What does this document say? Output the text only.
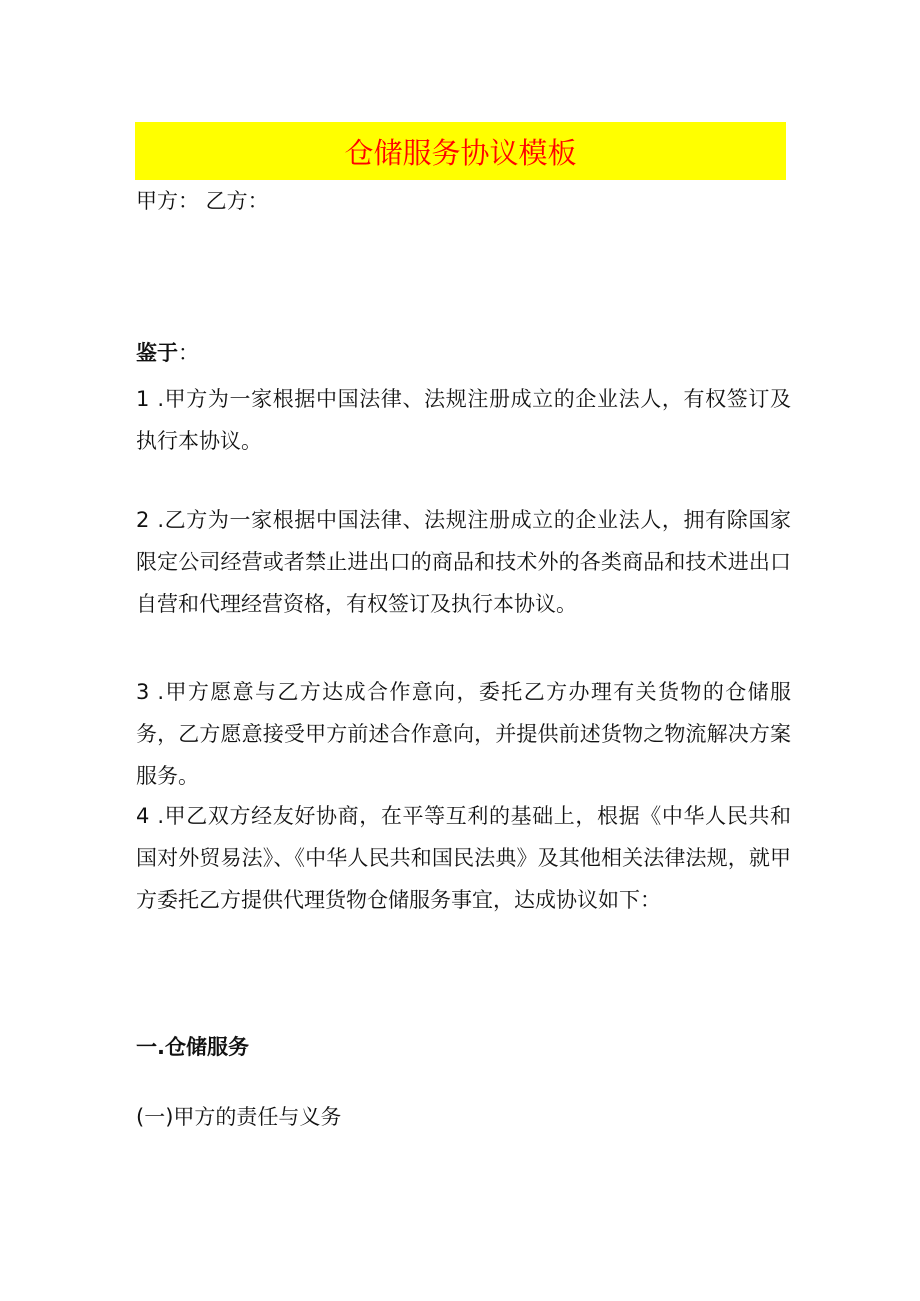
仓储服务协议模板

甲方： 乙方：

鉴于：

1 .甲方为一家根据中国法律、法规注册成立的企业法人，有权签订及执行本协议。

2 .乙方为一家根据中国法律、法规注册成立的企业法人，拥有除国家限定公司经营或者禁止进出口的商品和技术外的各类商品和技术进出口自营和代理经营资格，有权签订及执行本协议。

3 .甲方愿意与乙方达成合作意向，委托乙方办理有关货物的仓储服务，乙方愿意接受甲方前述合作意向，并提供前述货物之物流解决方案服务。

4 .甲乙双方经友好协商，在平等互利的基础上，根据《中华人民共和国对外贸易法》、《中华人民共和国民法典》及其他相关法律法规，就甲方委托乙方提供代理货物仓储服务事宜，达成协议如下：

一.仓储服务

(一)甲方的责任与义务
